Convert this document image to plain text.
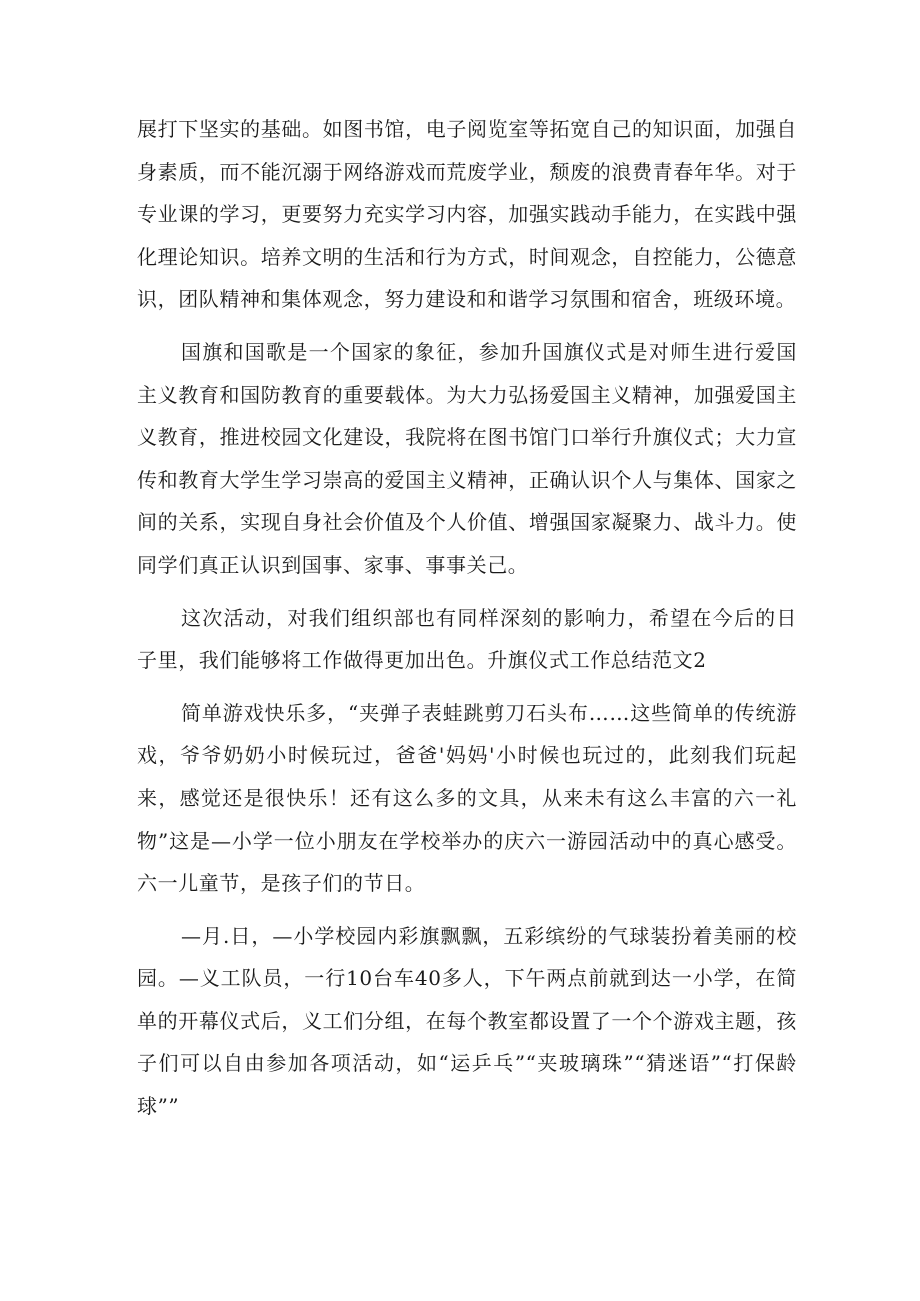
展打下坚实的基础。如图书馆，电子阅览室等拓宽自己的知识面，加强自身素质，而不能沉溺于网络游戏而荒废学业，颓废的浪费青春年华。对于专业课的学习，更要努力充实学习内容，加强实践动手能力，在实践中强化理论知识。培养文明的生活和行为方式，时间观念，自控能力，公德意识，团队精神和集体观念，努力建设和和谐学习氛围和宿舍，班级环境。

国旗和国歌是一个国家的象征，参加升国旗仪式是对师生进行爱国主义教育和国防教育的重要载体。为大力弘扬爱国主义精神，加强爱国主义教育，推进校园文化建设，我院将在图书馆门口举行升旗仪式；大力宣传和教育大学生学习崇高的爱国主义精神，正确认识个人与集体、国家之间的关系，实现自身社会价值及个人价值、增强国家凝聚力、战斗力。使同学们真正认识到国事、家事、事事关己。

这次活动，对我们组织部也有同样深刻的影响力，希望在今后的日子里，我们能够将工作做得更加出色。升旗仪式工作总结范文2

简单游戏快乐多，“夹弹子表蛙跳剪刀石头布……这些简单的传统游戏，爷爷奶奶小时候玩过，爸爸'妈妈'小时候也玩过的，此刻我们玩起来，感觉还是很快乐！还有这么多的文具，从来未有这么丰富的六一礼物”这是—小学一位小朋友在学校举办的庆六一游园活动中的真心感受。六一儿童节，是孩子们的节日。

—月.日，—小学校园内彩旗飘飘，五彩缤纷的气球装扮着美丽的校园。—义工队员，一行10台车40多人，下午两点前就到达一小学，在简单的开幕仪式后，义工们分组，在每个教室都设置了一个个游戏主题，孩子们可以自由参加各项活动，如“运乒乓”“夹玻璃珠”“猜迷语”“打保龄球””
